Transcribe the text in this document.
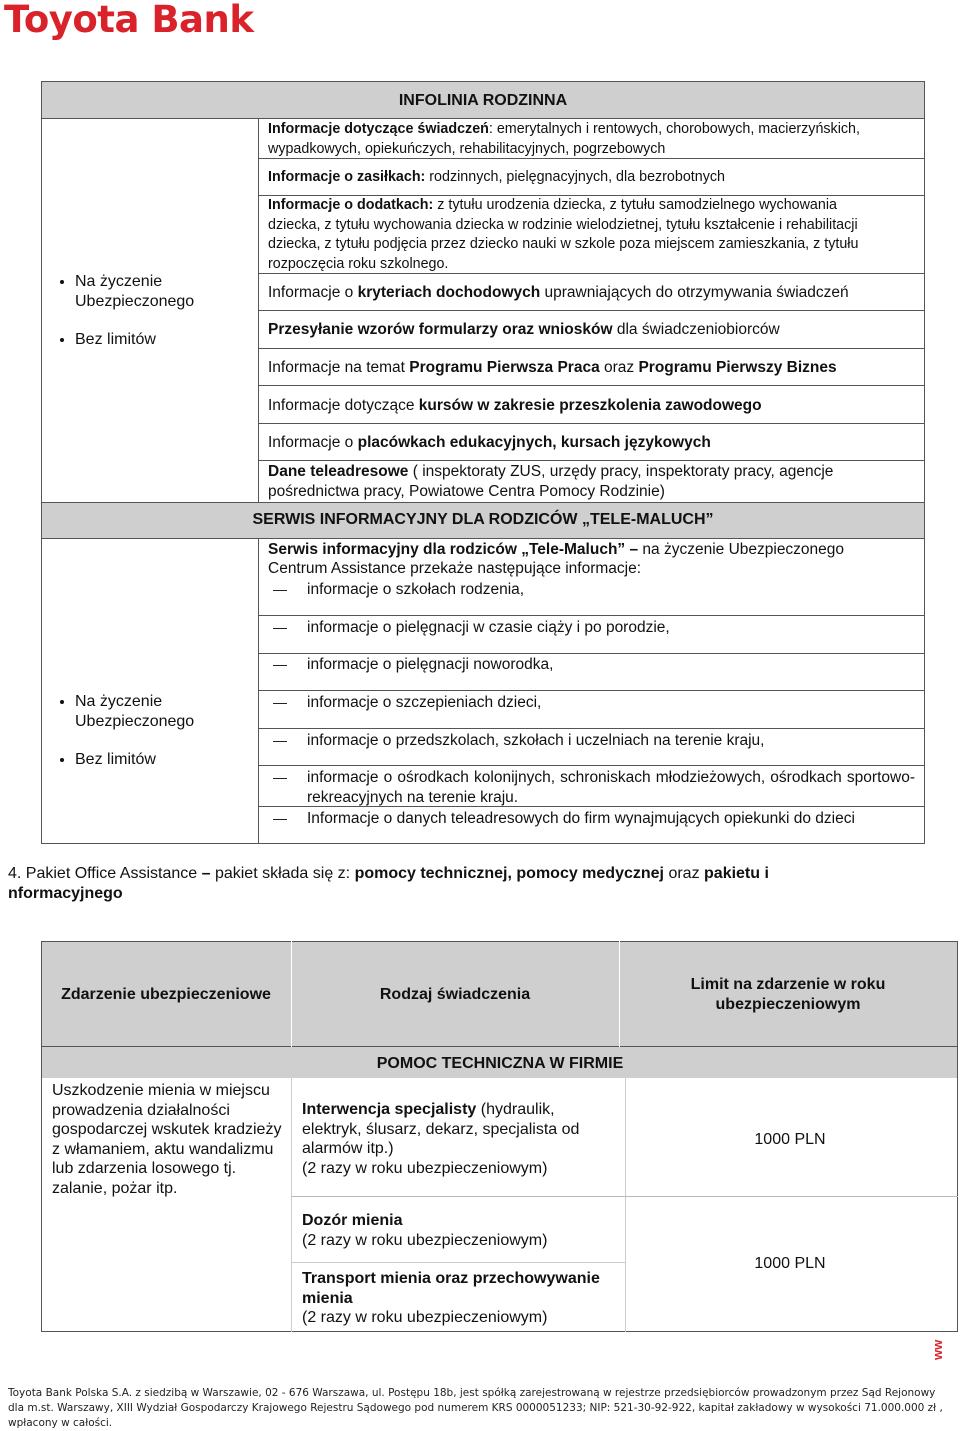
Toyota Bank
INFOLINIA RODZINNA
• Na życzenie Ubezpieczonego
• Bez limitów

Informacje dotyczące świadczeń: emerytalnych i rentowych, chorobowych, macierzyńskich, wypadkowych, opiekuńczych, rehabilitacyjnych, pogrzebowych

Informacje o zasiłkach: rodzinnych, pielęgnacyjnych, dla bezrobotnych

Informacje o dodatkach: z tytułu urodzenia dziecka, z tytułu samodzielnego wychowania dziecka, z tytułu wychowania dziecka w rodzinie wielodzietnej, tytułu kształcenie i rehabilitacji dziecka, z tytułu podjęcia przez dziecko nauki w szkole poza miejscem zamieszkania, z tytułu rozpoczęcia roku szkolnego.

Informacje o kryteriach dochodowych uprawniających do otrzymywania świadczeń

Przesyłanie wzorów formularzy oraz wniosków dla świadczeniobiorców

Informacje na temat Programu Pierwsza Praca oraz Programu Pierwszy Biznes

Informacje dotyczące kursów w zakresie przeszkolenia zawodowego

Informacje o placówkach edukacyjnych, kursach językowych

Dane teleadresowe ( inspektoraty ZUS, urzędy pracy, inspektoraty pracy, agencje pośrednictwa pracy, Powiatowe Centra Pomocy Rodzinie)

SERWIS INFORMACYJNY DLA RODZICÓW „TELE-MALUCH”
• Na życzenie Ubezpieczonego
• Bez limitów

Serwis informacyjny dla rodziców „Tele-Maluch” – na życzenie Ubezpieczonego

Centrum Assistance przekaże następujące informacje:

informacje o szkołach rodzenia,

informacje o pielęgnacji w czasie ciąży i po porodzie,

informacje o pielęgnacji noworodka,

informacje o szczepieniach dzieci,

informacje o przedszkolach, szkołach i uczelniach na terenie kraju,

informacje o ośrodkach kolonijnych, schroniskach młodzieżowych, ośrodkach sportowo- rekreacyjnych na terenie kraju.

Informacje o danych teleadresowych do firm wynajmujących opiekunki do dzieci

4. Pakiet Office Assistance – pakiet składa się z: pomocy technicznej, pomocy medycznej oraz pakietu i nformacyjnego

Zdarzenie ubezpieczeniowe	Rodzaj świadczenia
Limit na zdarzenie w roku ubezpieczeniowym
POMOC TECHNICZNA W FIRMIE

Uszkodzenie mienia w miejscu prowadzenia działalności gospodarczej wskutek kradzieży z włamaniem, aktu wandalizmu lub zdarzenia losowego tj. zalanie, pożar itp.

Interwencja specjalisty (hydraulik, elektryk, ślusarz, dekarz, specjalista od alarmów itp.)
(2 razy w roku ubezpieczeniowym)

Dozór mienia
(2 razy w roku ubezpieczeniowym)

Transport mienia oraz przechowywanie mienia
(2 razy w roku ubezpieczeniowym)

1000 PLN

1000 PLN

ww
Toyota Bank Polska S.A. z siedzibą w Warszawie, 02 - 676 Warszawa, ul. Postępu 18b, jest spółką zarejestrowaną w rejestrze przedsiębiorców prowadzonym przez Sąd Rejonowy dla m.st. Warszawy, XIII Wydział Gospodarczy Krajowego Rejestru Sądowego pod numerem KRS 0000051233; NIP: 521-30-92-922, kapitał zakładowy w wysokości 71.000.000 zł , wpłacony w całości.
